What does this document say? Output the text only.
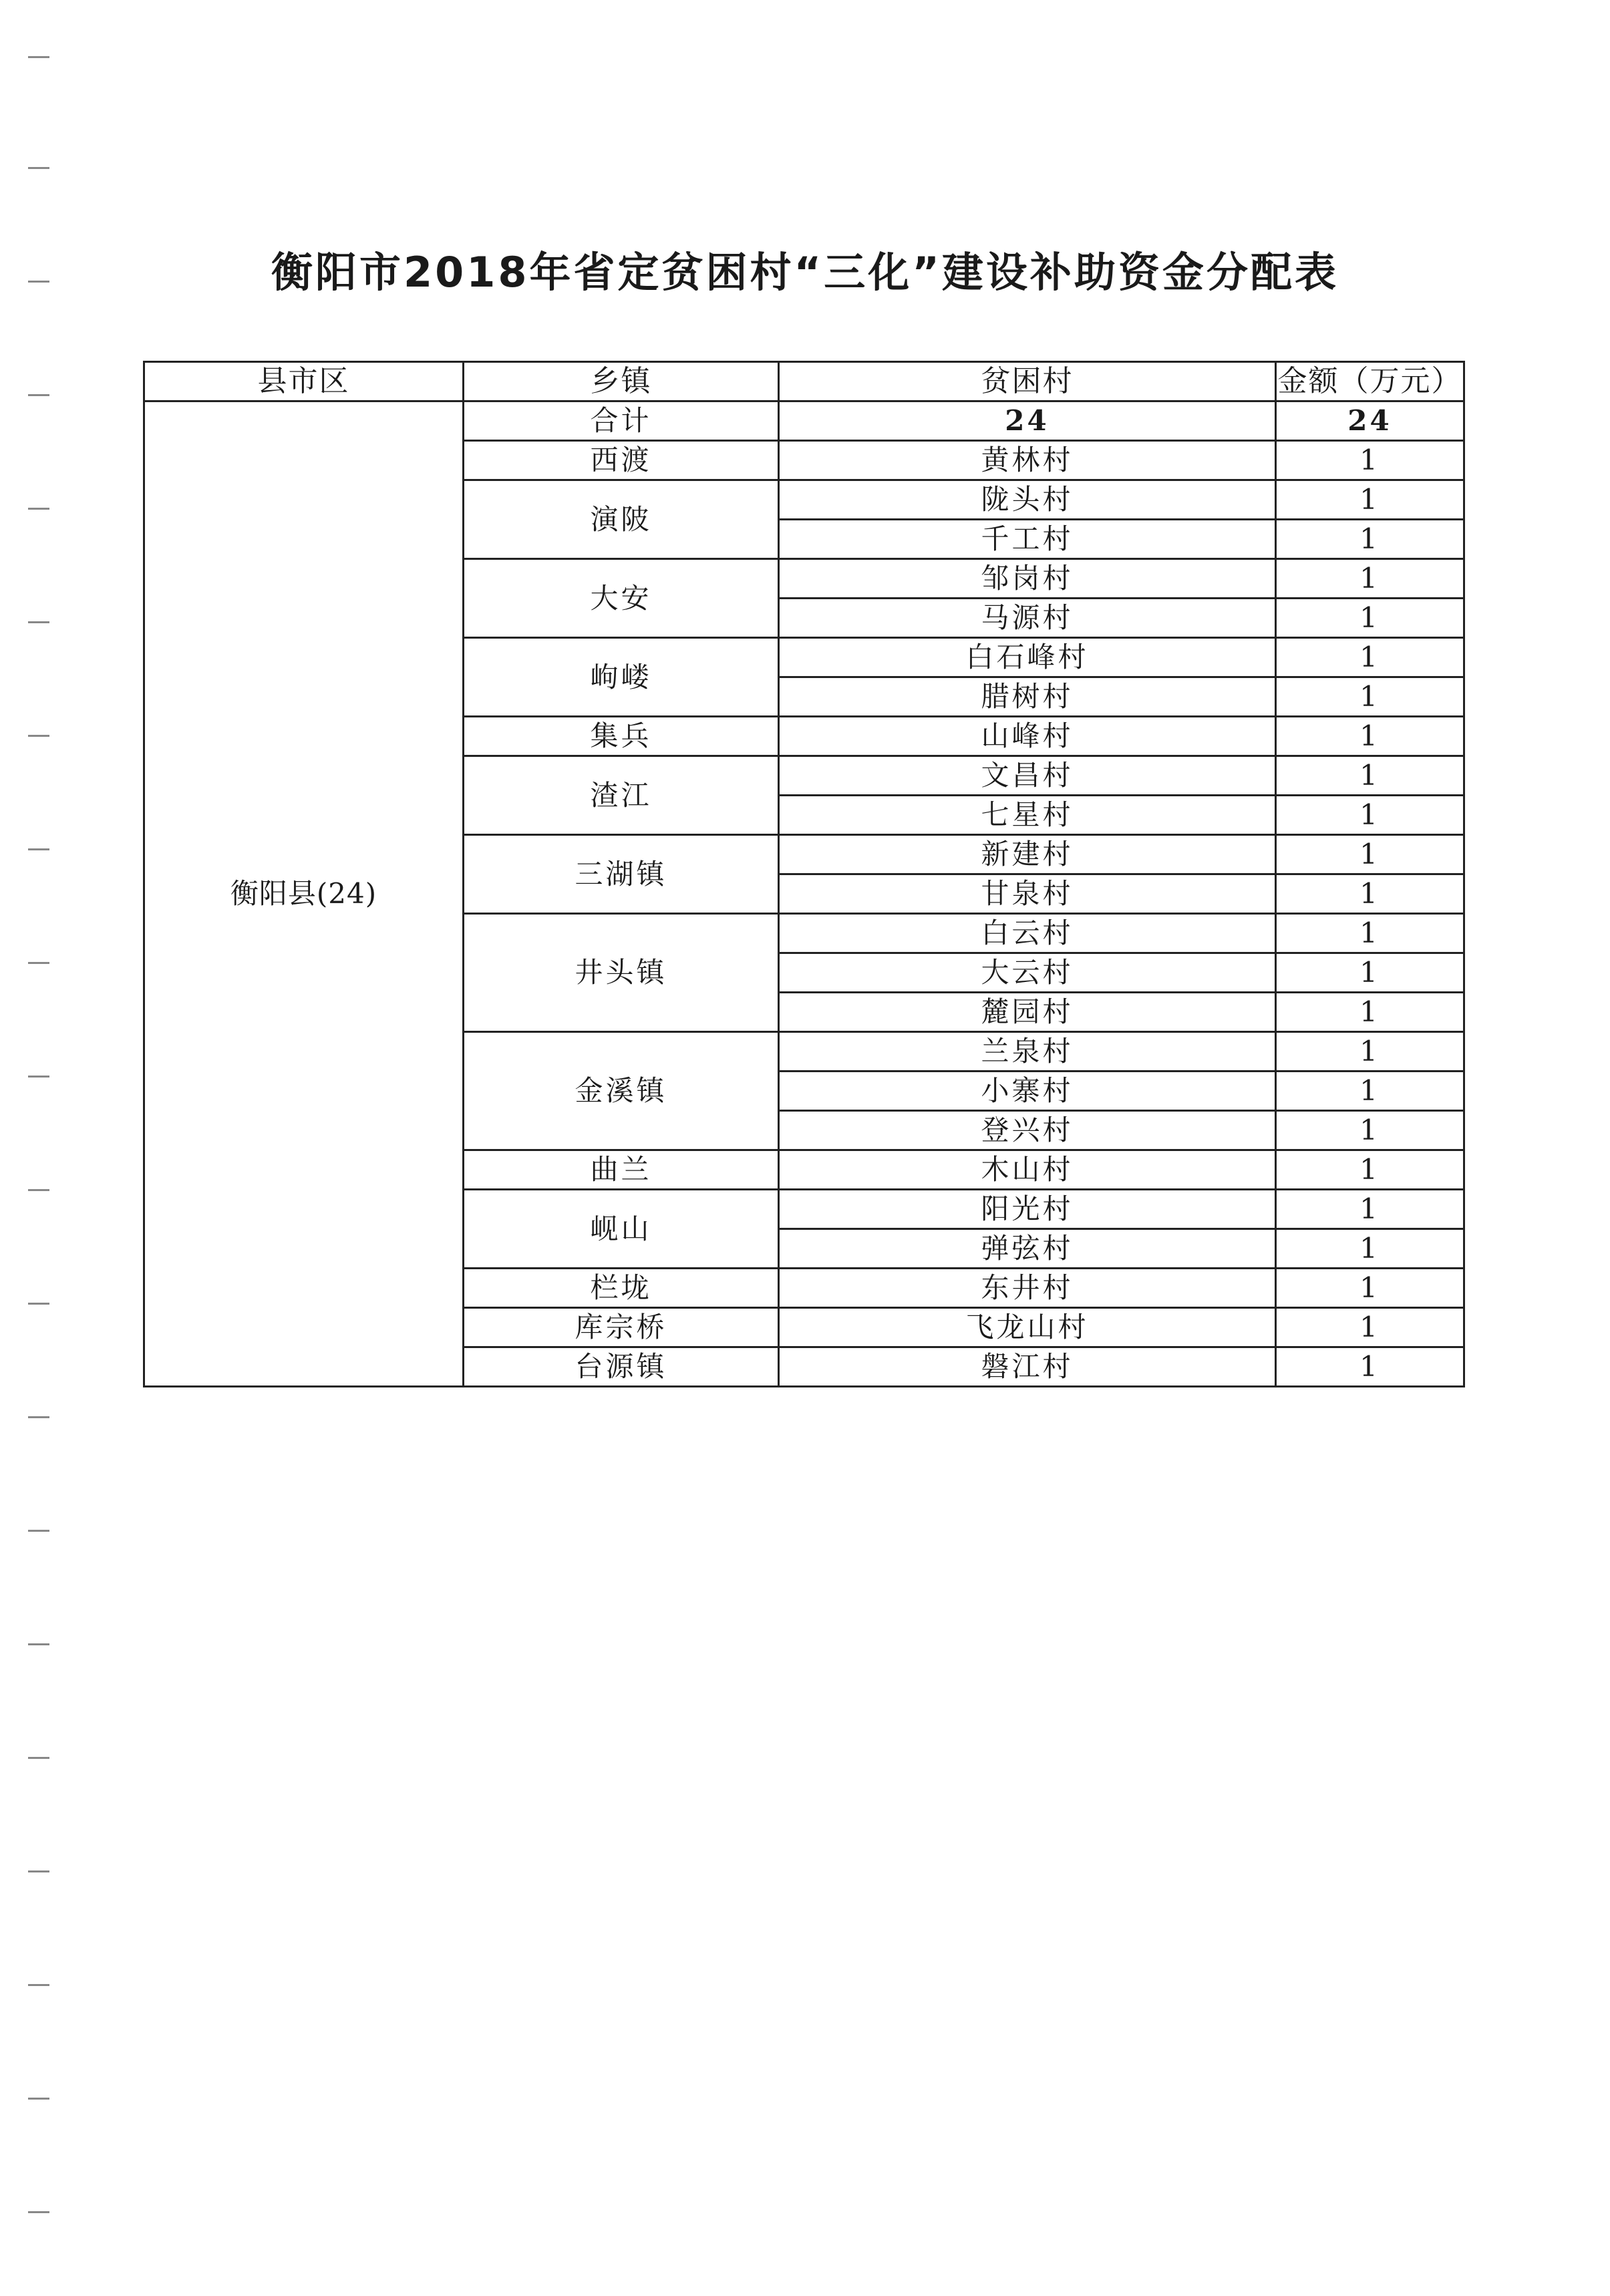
衡阳市2018年省定贫困村“三化”建设补助资金分配表
县市区	乡镇	贫困村	金额（万元）
衡阳县(24)	合计	24	24
	西渡	黄林村	1
	演陂	陇头村	1
		千工村	1
	大安	邹岗村	1
		马源村	1
	岣嵝	白石峰村	1
		腊树村	1
	集兵	山峰村	1
	渣江	文昌村	1
		七星村	1
	三湖镇	新建村	1
		甘泉村	1
	井头镇	白云村	1
		大云村	1
		麓园村	1
	金溪镇	兰泉村	1
		小寨村	1
		登兴村	1
	曲兰	木山村	1
	岘山	阳光村	1
		弹弦村	1
	栏垅	东井村	1
	库宗桥	飞龙山村	1
	台源镇	磐江村	1
